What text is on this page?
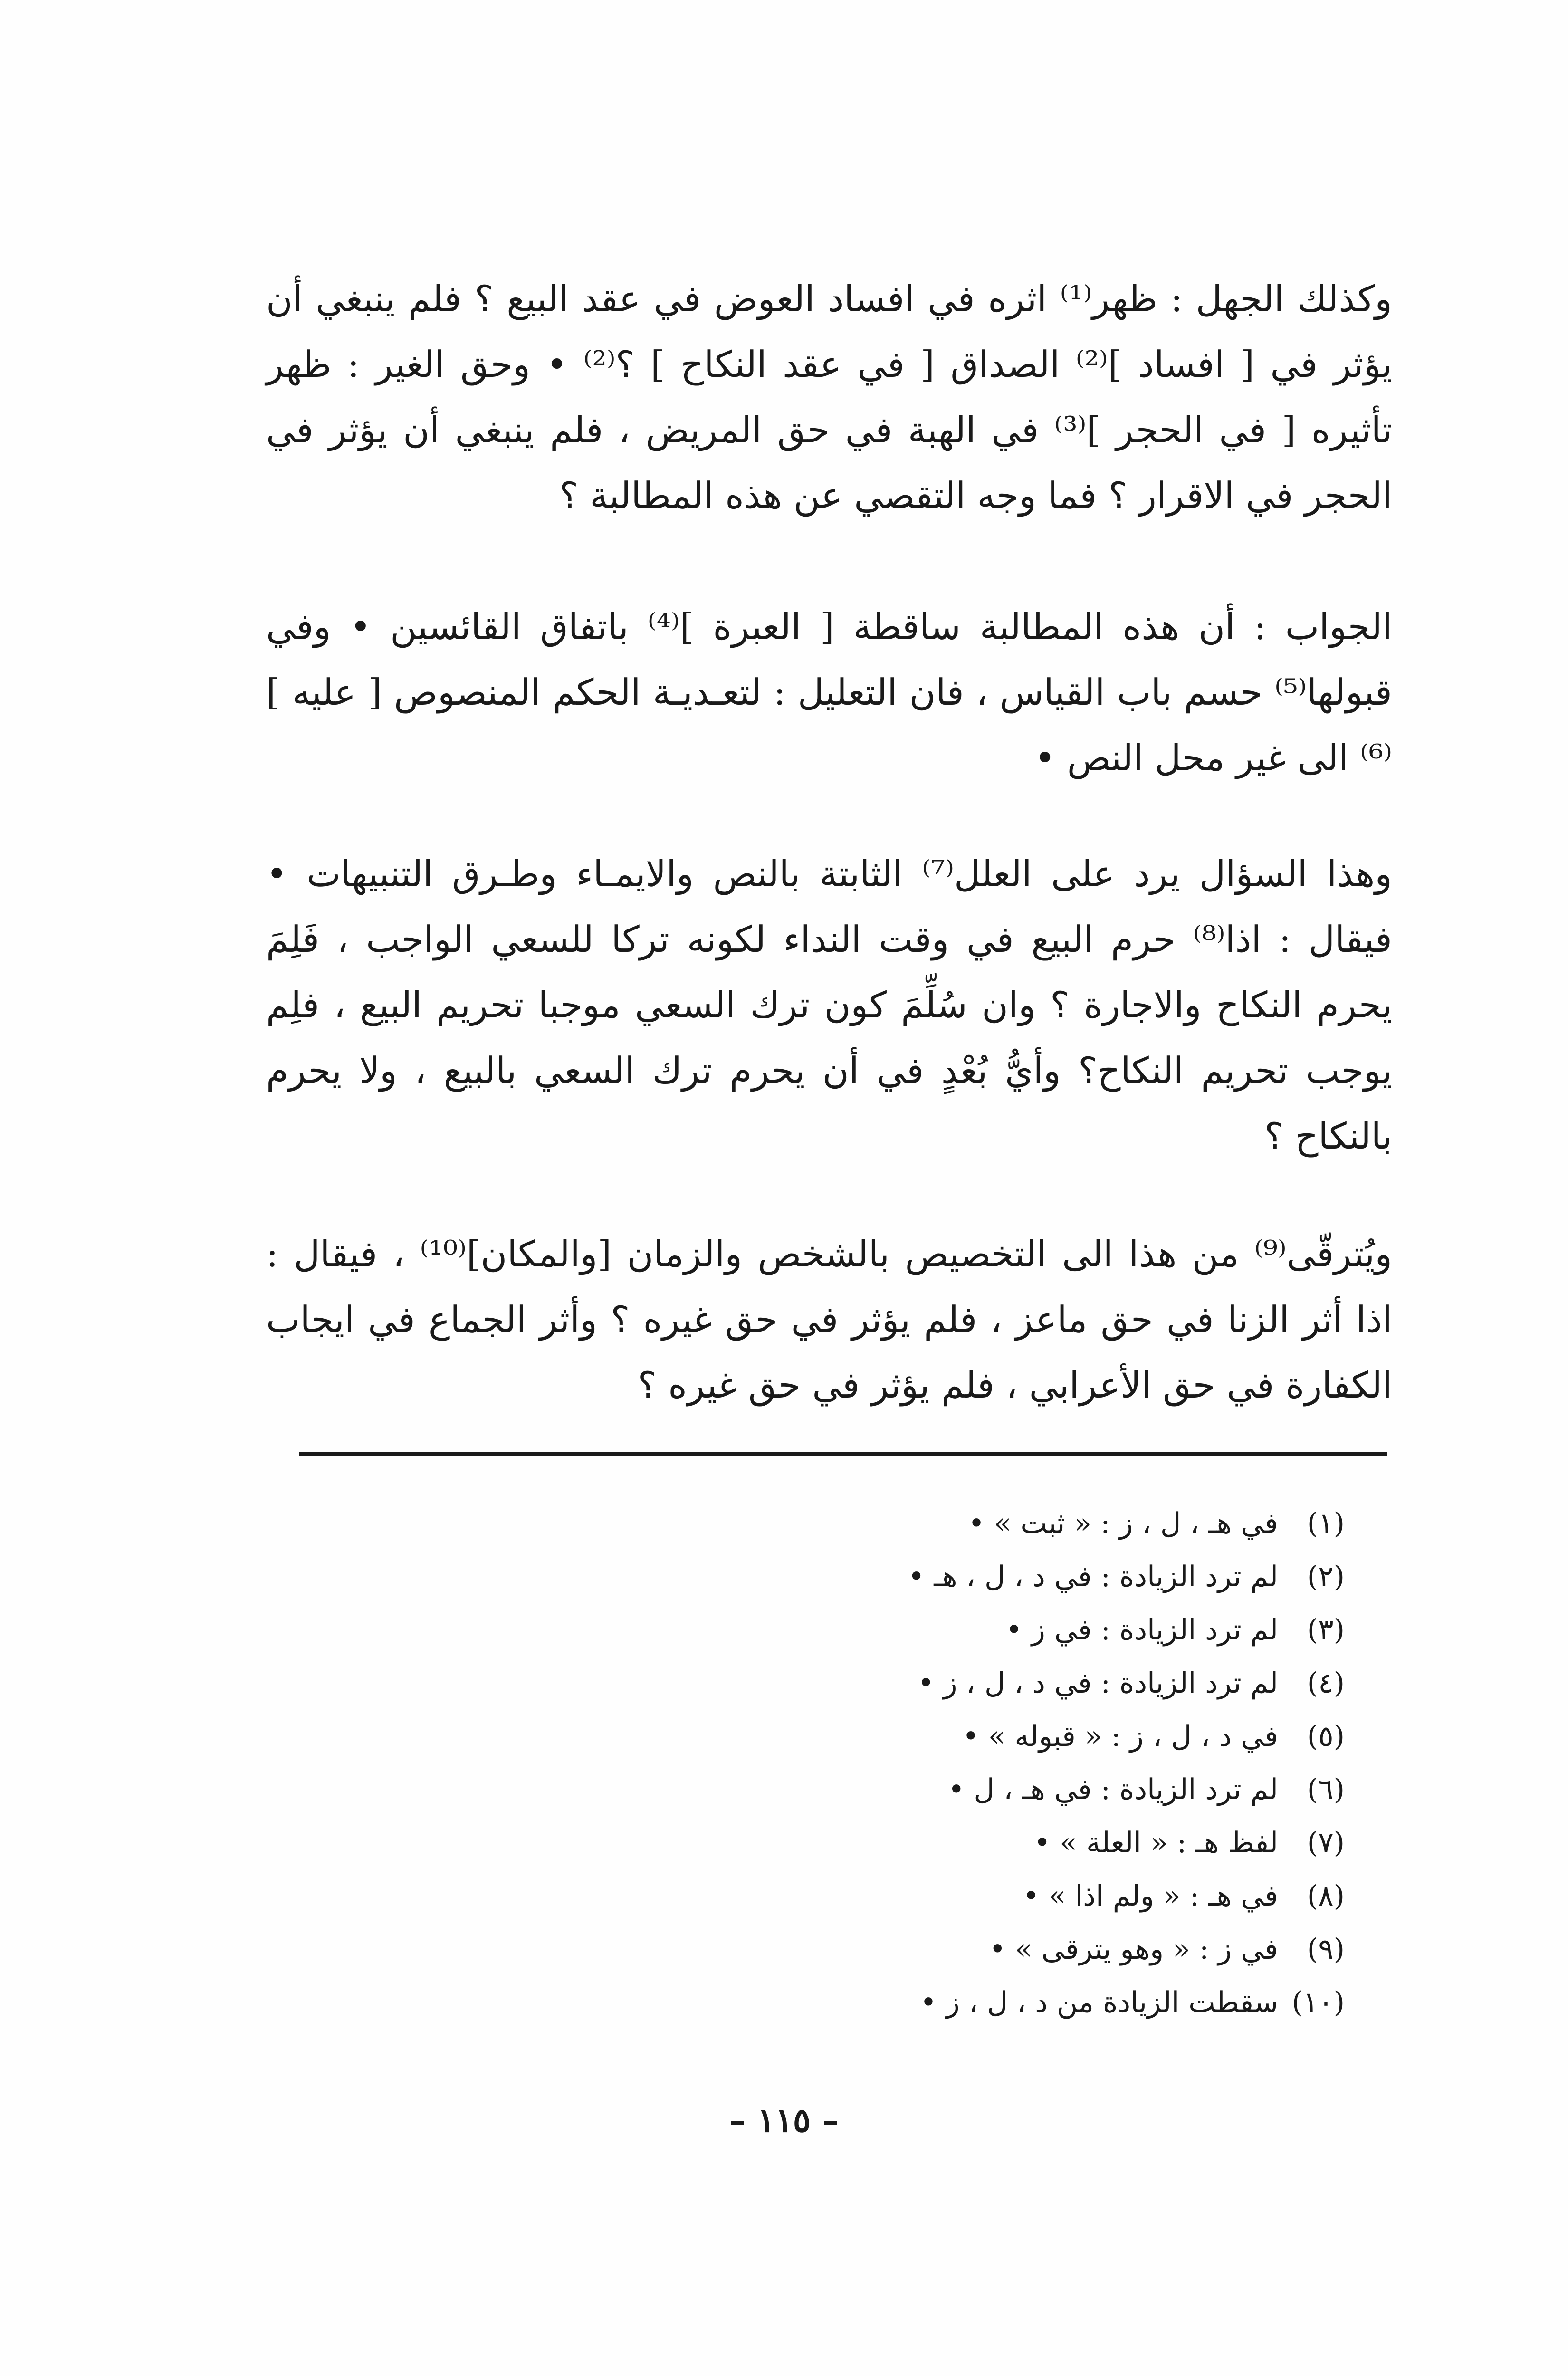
وكذلك الجهل : ظهر⁽¹⁾ اثره في افساد العوض في عقد البيع ؟ فلم ينبغي أن يؤثر في [ افساد ]⁽²⁾ الصداق [ في عقد النكاح ] ؟⁽²⁾ • وحق الغير : ظهر تأثيره [ في الحجر ]⁽³⁾ في الهبة في حق المريض ، فلم ينبغي أن يؤثر في الحجر في الاقرار ؟ فما وجه التقصي عن هذه المطالبة ؟

الجواب : أن هذه المطالبة ساقطة [ العبرة ]⁽⁴⁾ باتفاق القائسين • وفي قبولها⁽⁵⁾ حسم باب القياس ، فان التعليل : لتعـديـة الحكم المنصوص [ عليه ]⁽⁶⁾ الى غير محل النص •

وهذا السؤال يرد على العلل⁽⁷⁾ الثابتة بالنص والايمـاء وطـرق التنبيهات • فيقال : اذا⁽⁸⁾ حرم البيع في وقت النداء لكونه تركا للسعي الواجب ، فَلِمَ يحرم النكاح والاجارة ؟ وان سُلِّمَ كون ترك السعي موجبا تحريم البيع ، فلِم يوجب تحريم النكاح؟ وأيُّ بُعْدٍ في أن يحرم ترك السعي بالبيع ، ولا يحرم بالنكاح ؟

ويُترقّى⁽⁹⁾ من هذا الى التخصيص بالشخص والزمان [والمكان]⁽¹⁰⁾ ، فيقال : اذا أثر الزنا في حق ماعز ، فلم يؤثر في حق غيره ؟ وأثر الجماع في ايجاب الكفارة في حق الأعرابي ، فلم يؤثر في حق غيره ؟

(١)في هـ ، ل ، ز : « ثبت » •
(٢)لم ترد الزيادة : في د ، ل ، هـ •
(٣)لم ترد الزيادة : في ز •
(٤)لم ترد الزيادة : في د ، ل ، ز •
(٥)في د ، ل ، ز : « قبوله » •
(٦)لم ترد الزيادة : في هـ ، ل •
(٧)لفظ هـ : « العلة » •
(٨)في هـ : « ولم اذا » •
(٩)في ز : « وهو يترقى » •
(١٠)سقطت الزيادة من د ، ل ، ز •
– ١١٥ –
